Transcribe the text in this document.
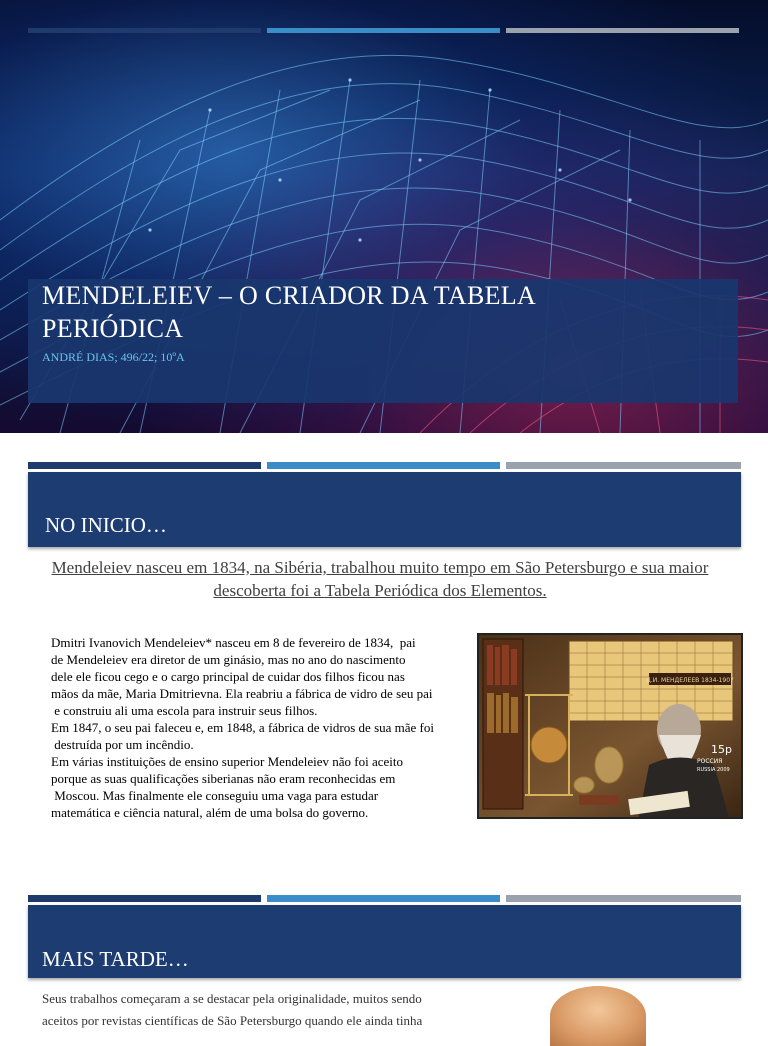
MENDELEIEV – O CRIADOR DA TABELA PERIÓDICA

ANDRÉ DIAS; 496/22; 10ºA

NO INICIO…

Mendeleiev nasceu em 1834, na Sibéria, trabalhou muito tempo em São Petersburgo e sua maior descoberta foi a Tabela Periódica dos Elementos.

Dmitri Ivanovich Mendeleiev* nasceu em 8 de fevereiro de 1834,  pai

de Mendeleiev era diretor de um ginásio, mas no ano do nascimento

dele ele ficou cego e o cargo principal de cuidar dos filhos ficou nas

mãos da mãe, Maria Dmitrievna. Ela reabriu a fábrica de vidro de seu pai

e construiu ali uma escola para instruir seus filhos.

Em 1847, o seu pai faleceu e, em 1848, a fábrica de vidros de sua mãe foi

destruída por um incêndio.

Em várias instituições de ensino superior Mendeleiev não foi aceito

porque as suas qualificações siberianas não eram reconhecidas em

Moscou. Mas finalmente ele conseguiu uma vaga para estudar

matemática e ciência natural, além de uma bolsa do governo.

Д.И. МЕНДЕЛЕЕВ 1834-1907
15р
РОССИЯ
RUSSIA 2009
MAIS TARDE…

Seus trabalhos começaram a se destacar pela originalidade, muitos sendo

aceitos por revistas científicas de São Petersburgo quando ele ainda tinha
